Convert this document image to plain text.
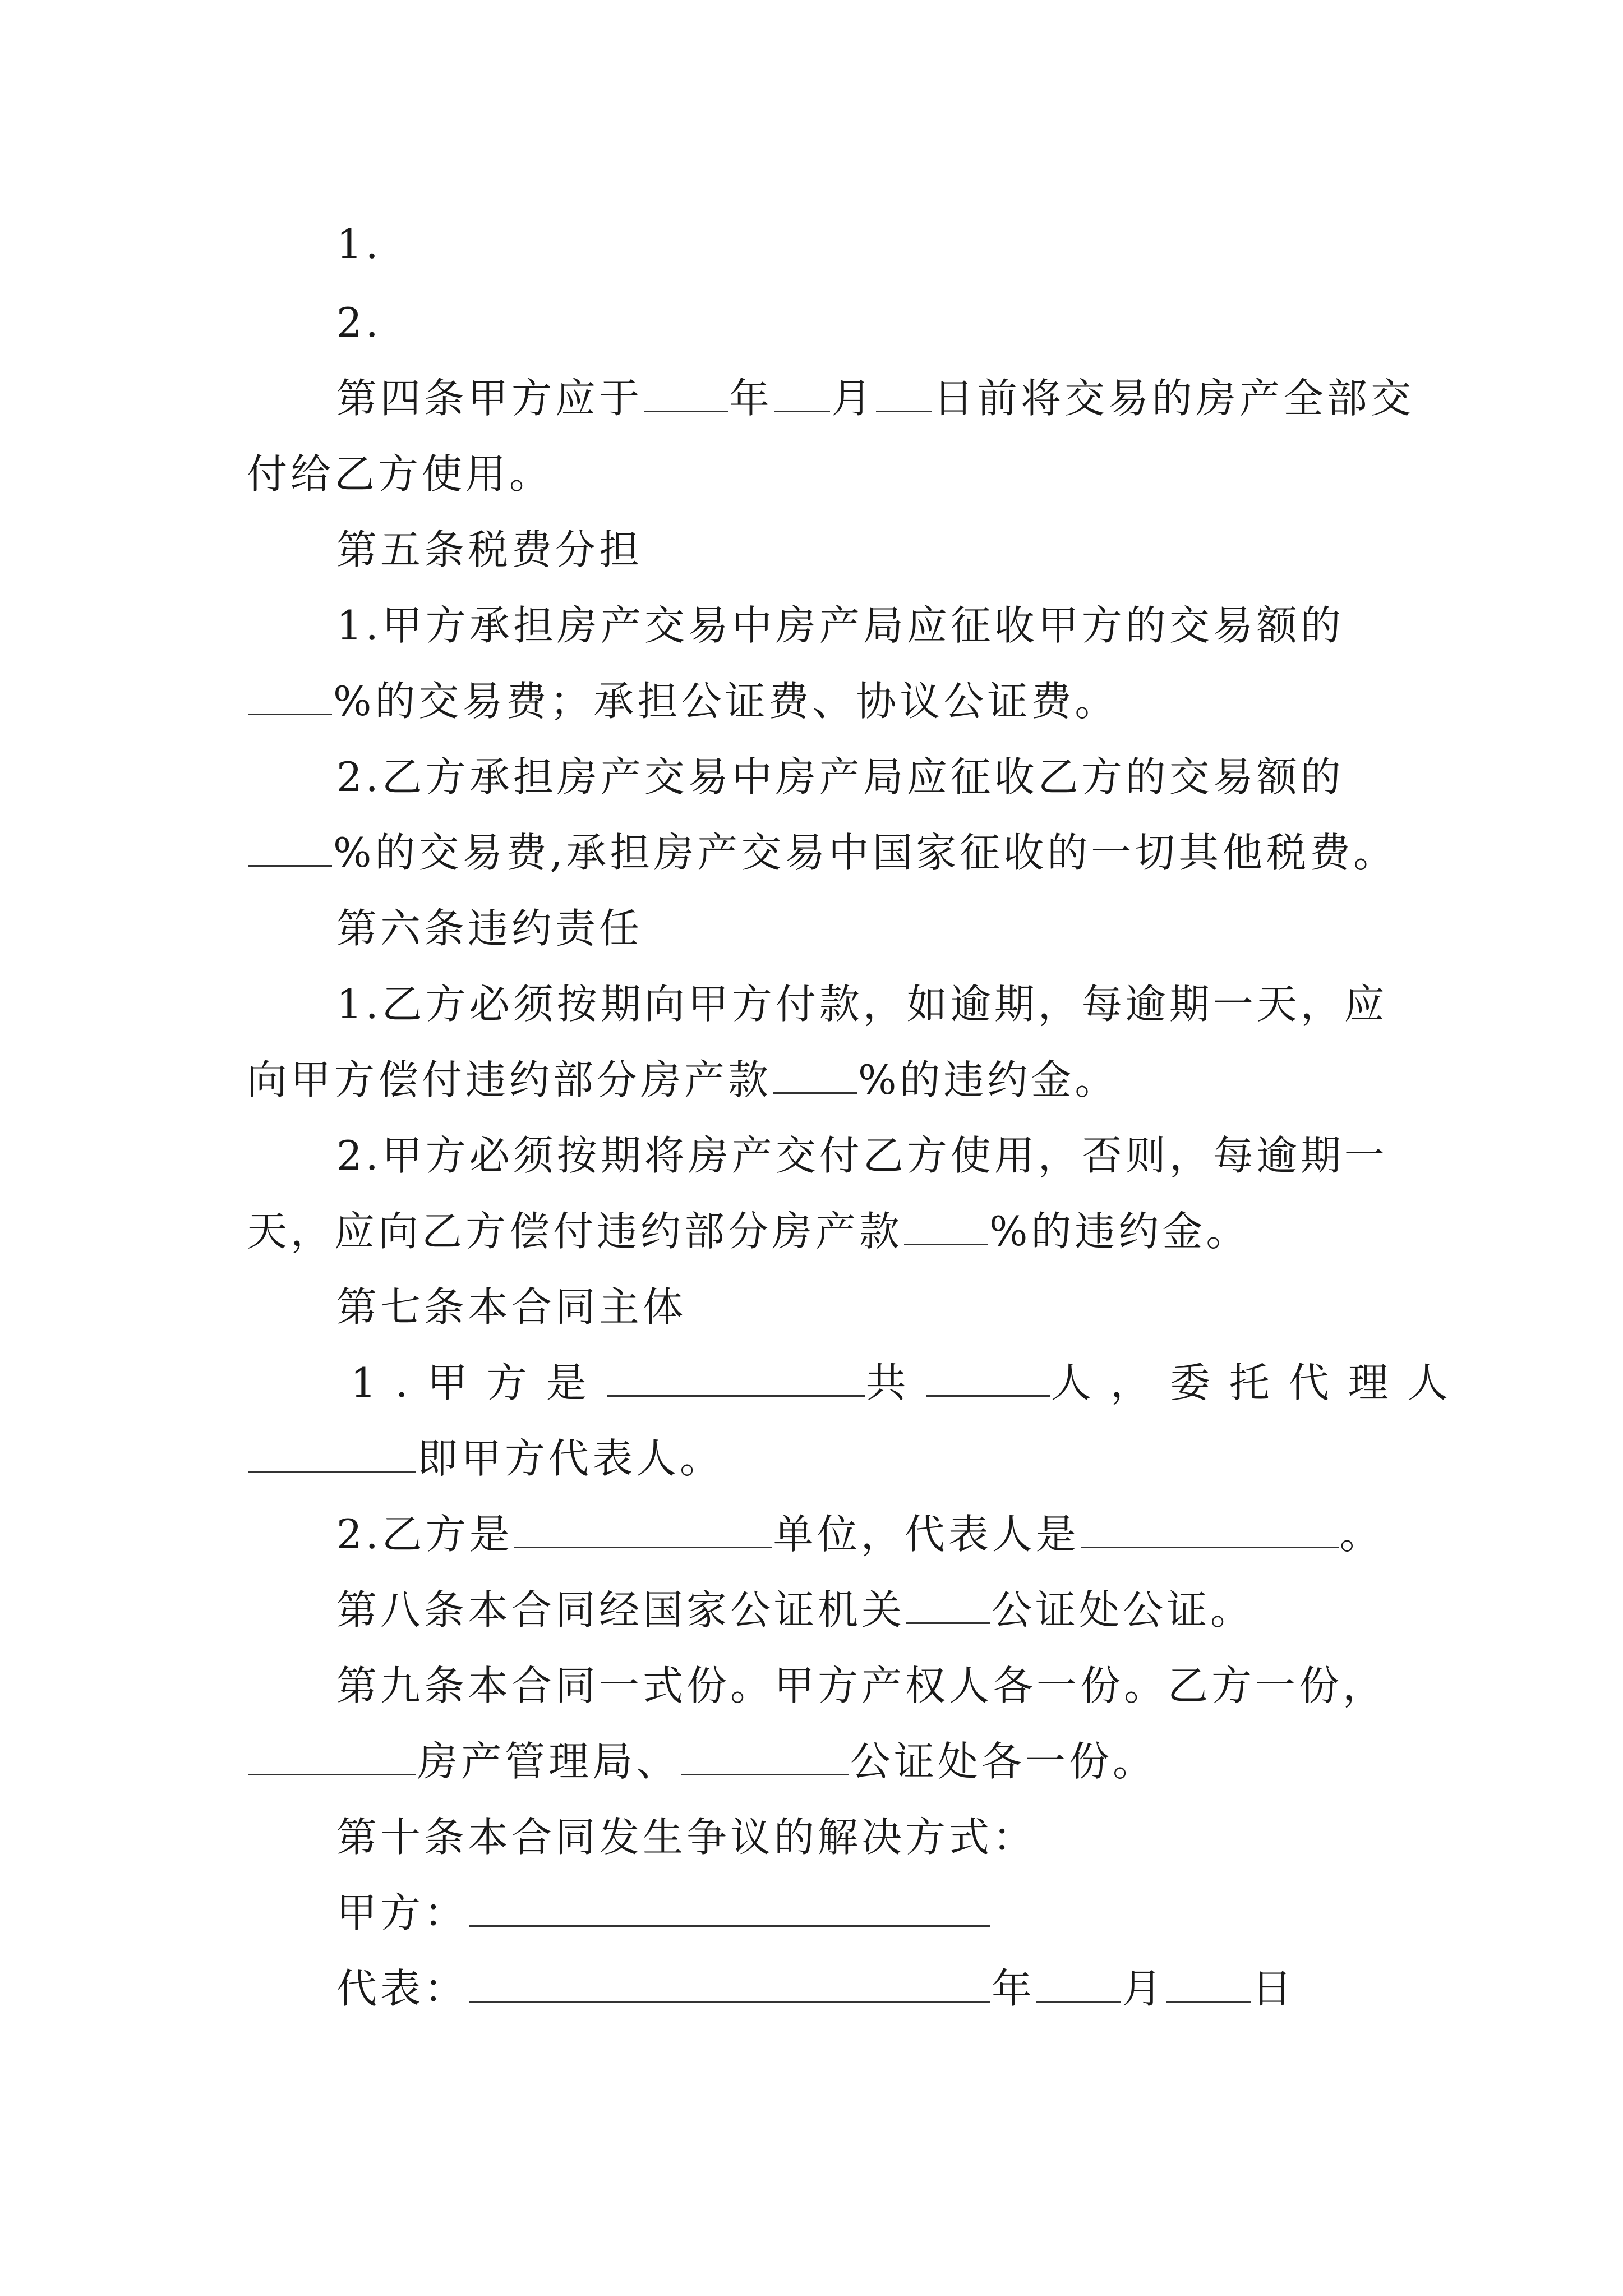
1.
2.
第四条甲方应于 年 月 日前将交易的房产全部交
付给乙方使用。
第五条税费分担
1.甲方承担房产交易中房产局应征收甲方的交易额的
%的交易费；承担公证费、协议公证费。
2.乙方承担房产交易中房产局应征收乙方的交易额的
%的交易费,承担房产交易中国家征收的一切其他税费。
第六条违约责任
1.乙方必须按期向甲方付款，如逾期，每逾期一天，应
向甲方偿付违约部分房产款 %的违约金。
2.甲方必须按期将房产交付乙方使用，否则，每逾期一
天，应向乙方偿付违约部分房产款 %的违约金。
第七条本合同主体
1.甲方是	共	人，委托代理人
即甲方代表人。
2.乙方是	单位，代表人是	。
第八条本合同经国家公证机关 公证处公证。
第九条本合同一式份。甲方产权人各一份。乙方一份，
房产管理局、	公证处各一份。
第十条本合同发生争议的解决方式：
甲方：
代表：	年 月 日
